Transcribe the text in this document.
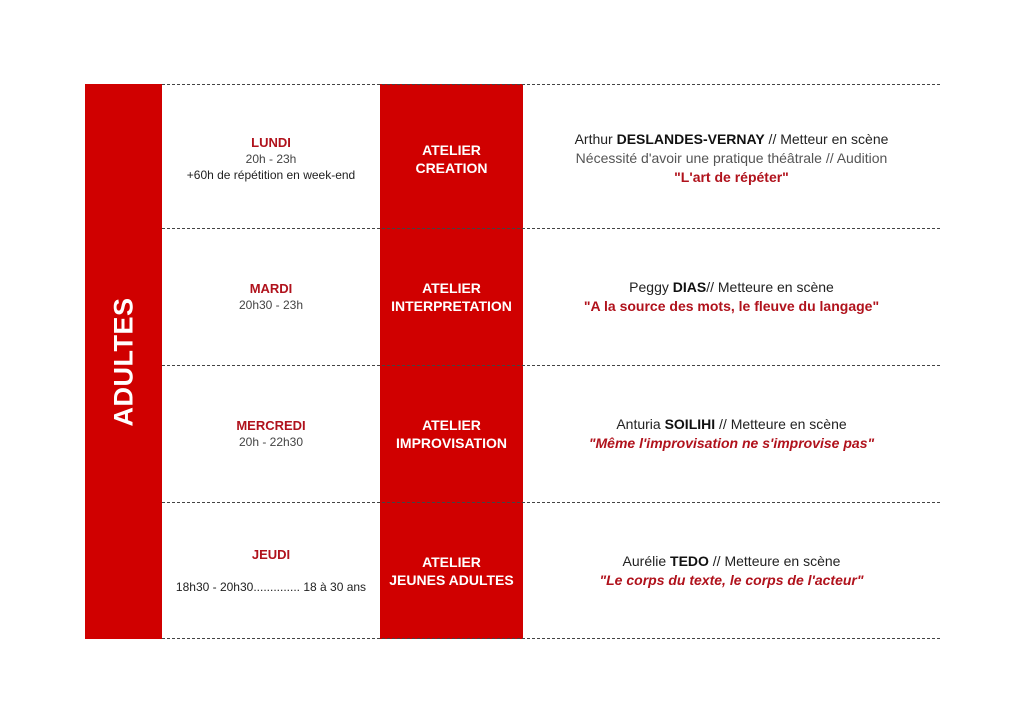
ADULTES
LUNDI
20h - 23h
+60h de répétition en week-end
ATELIER
CREATION
Arthur DESLANDES-VERNAY // Metteur en scène
Nécessité d'avoir une pratique théâtrale // Audition
"L'art de répéter"
MARDI
20h30 - 23h
ATELIER
INTERPRETATION
Peggy DIAS// Metteure en scène
"A la source des mots, le fleuve du langage"
MERCREDI
20h - 22h30
ATELIER
IMPROVISATION
Anturia SOILIHI // Metteure en scène
"Même l'improvisation ne s'improvise pas"
JEUDI
18h30 - 20h30.............. 18 à 30 ans
ATELIER
JEUNES ADULTES
Aurélie TEDO // Metteure en scène
"Le corps du texte, le corps de l'acteur"
